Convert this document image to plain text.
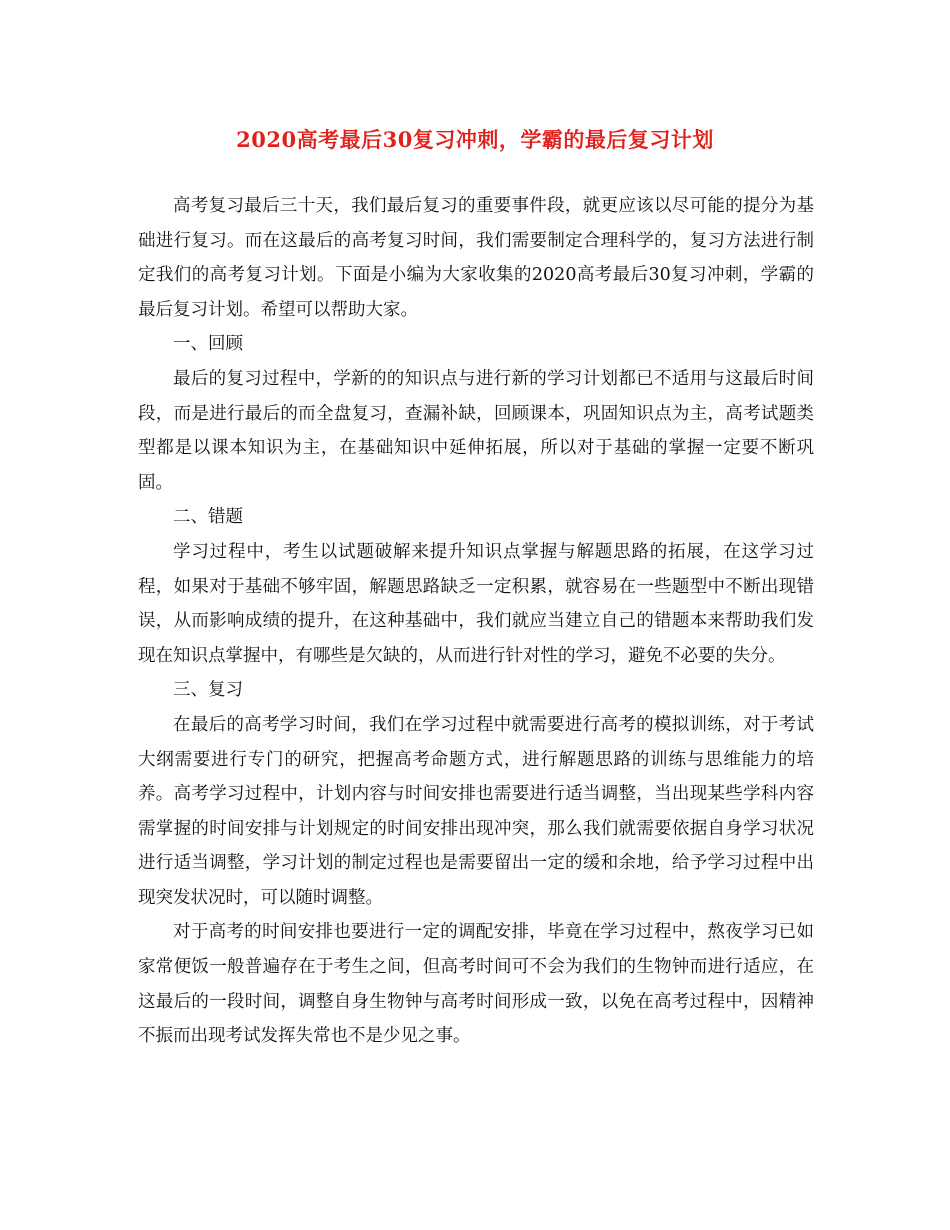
2020高考最后30复习冲刺，学霸的最后复习计划

高考复习最后三十天，我们最后复习的重要事件段，就更应该以尽可能的提分为基础进行复习。而在这最后的高考复习时间，我们需要制定合理科学的，复习方法进行制定我们的高考复习计划。下面是小编为大家收集的2020高考最后30复习冲刺，学霸的最后复习计划。希望可以帮助大家。

一、回顾

最后的复习过程中，学新的的知识点与进行新的学习计划都已不适用与这最后时间段，而是进行最后的而全盘复习，查漏补缺，回顾课本，巩固知识点为主，高考试题类型都是以课本知识为主，在基础知识中延伸拓展，所以对于基础的掌握一定要不断巩固。

二、错题

学习过程中，考生以试题破解来提升知识点掌握与解题思路的拓展，在这学习过程，如果对于基础不够牢固，解题思路缺乏一定积累，就容易在一些题型中不断出现错误，从而影响成绩的提升，在这种基础中，我们就应当建立自己的错题本来帮助我们发现在知识点掌握中，有哪些是欠缺的，从而进行针对性的学习，避免不必要的失分。

三、复习

在最后的高考学习时间，我们在学习过程中就需要进行高考的模拟训练，对于考试大纲需要进行专门的研究，把握高考命题方式，进行解题思路的训练与思维能力的培养。高考学习过程中，计划内容与时间安排也需要进行适当调整，当出现某些学科内容需掌握的时间安排与计划规定的时间安排出现冲突，那么我们就需要依据自身学习状况进行适当调整，学习计划的制定过程也是需要留出一定的缓和余地，给予学习过程中出现突发状况时，可以随时调整。

对于高考的时间安排也要进行一定的调配安排，毕竟在学习过程中，熬夜学习已如家常便饭一般普遍存在于考生之间，但高考时间可不会为我们的生物钟而进行适应，在这最后的一段时间，调整自身生物钟与高考时间形成一致，以免在高考过程中，因精神不振而出现考试发挥失常也不是少见之事。
